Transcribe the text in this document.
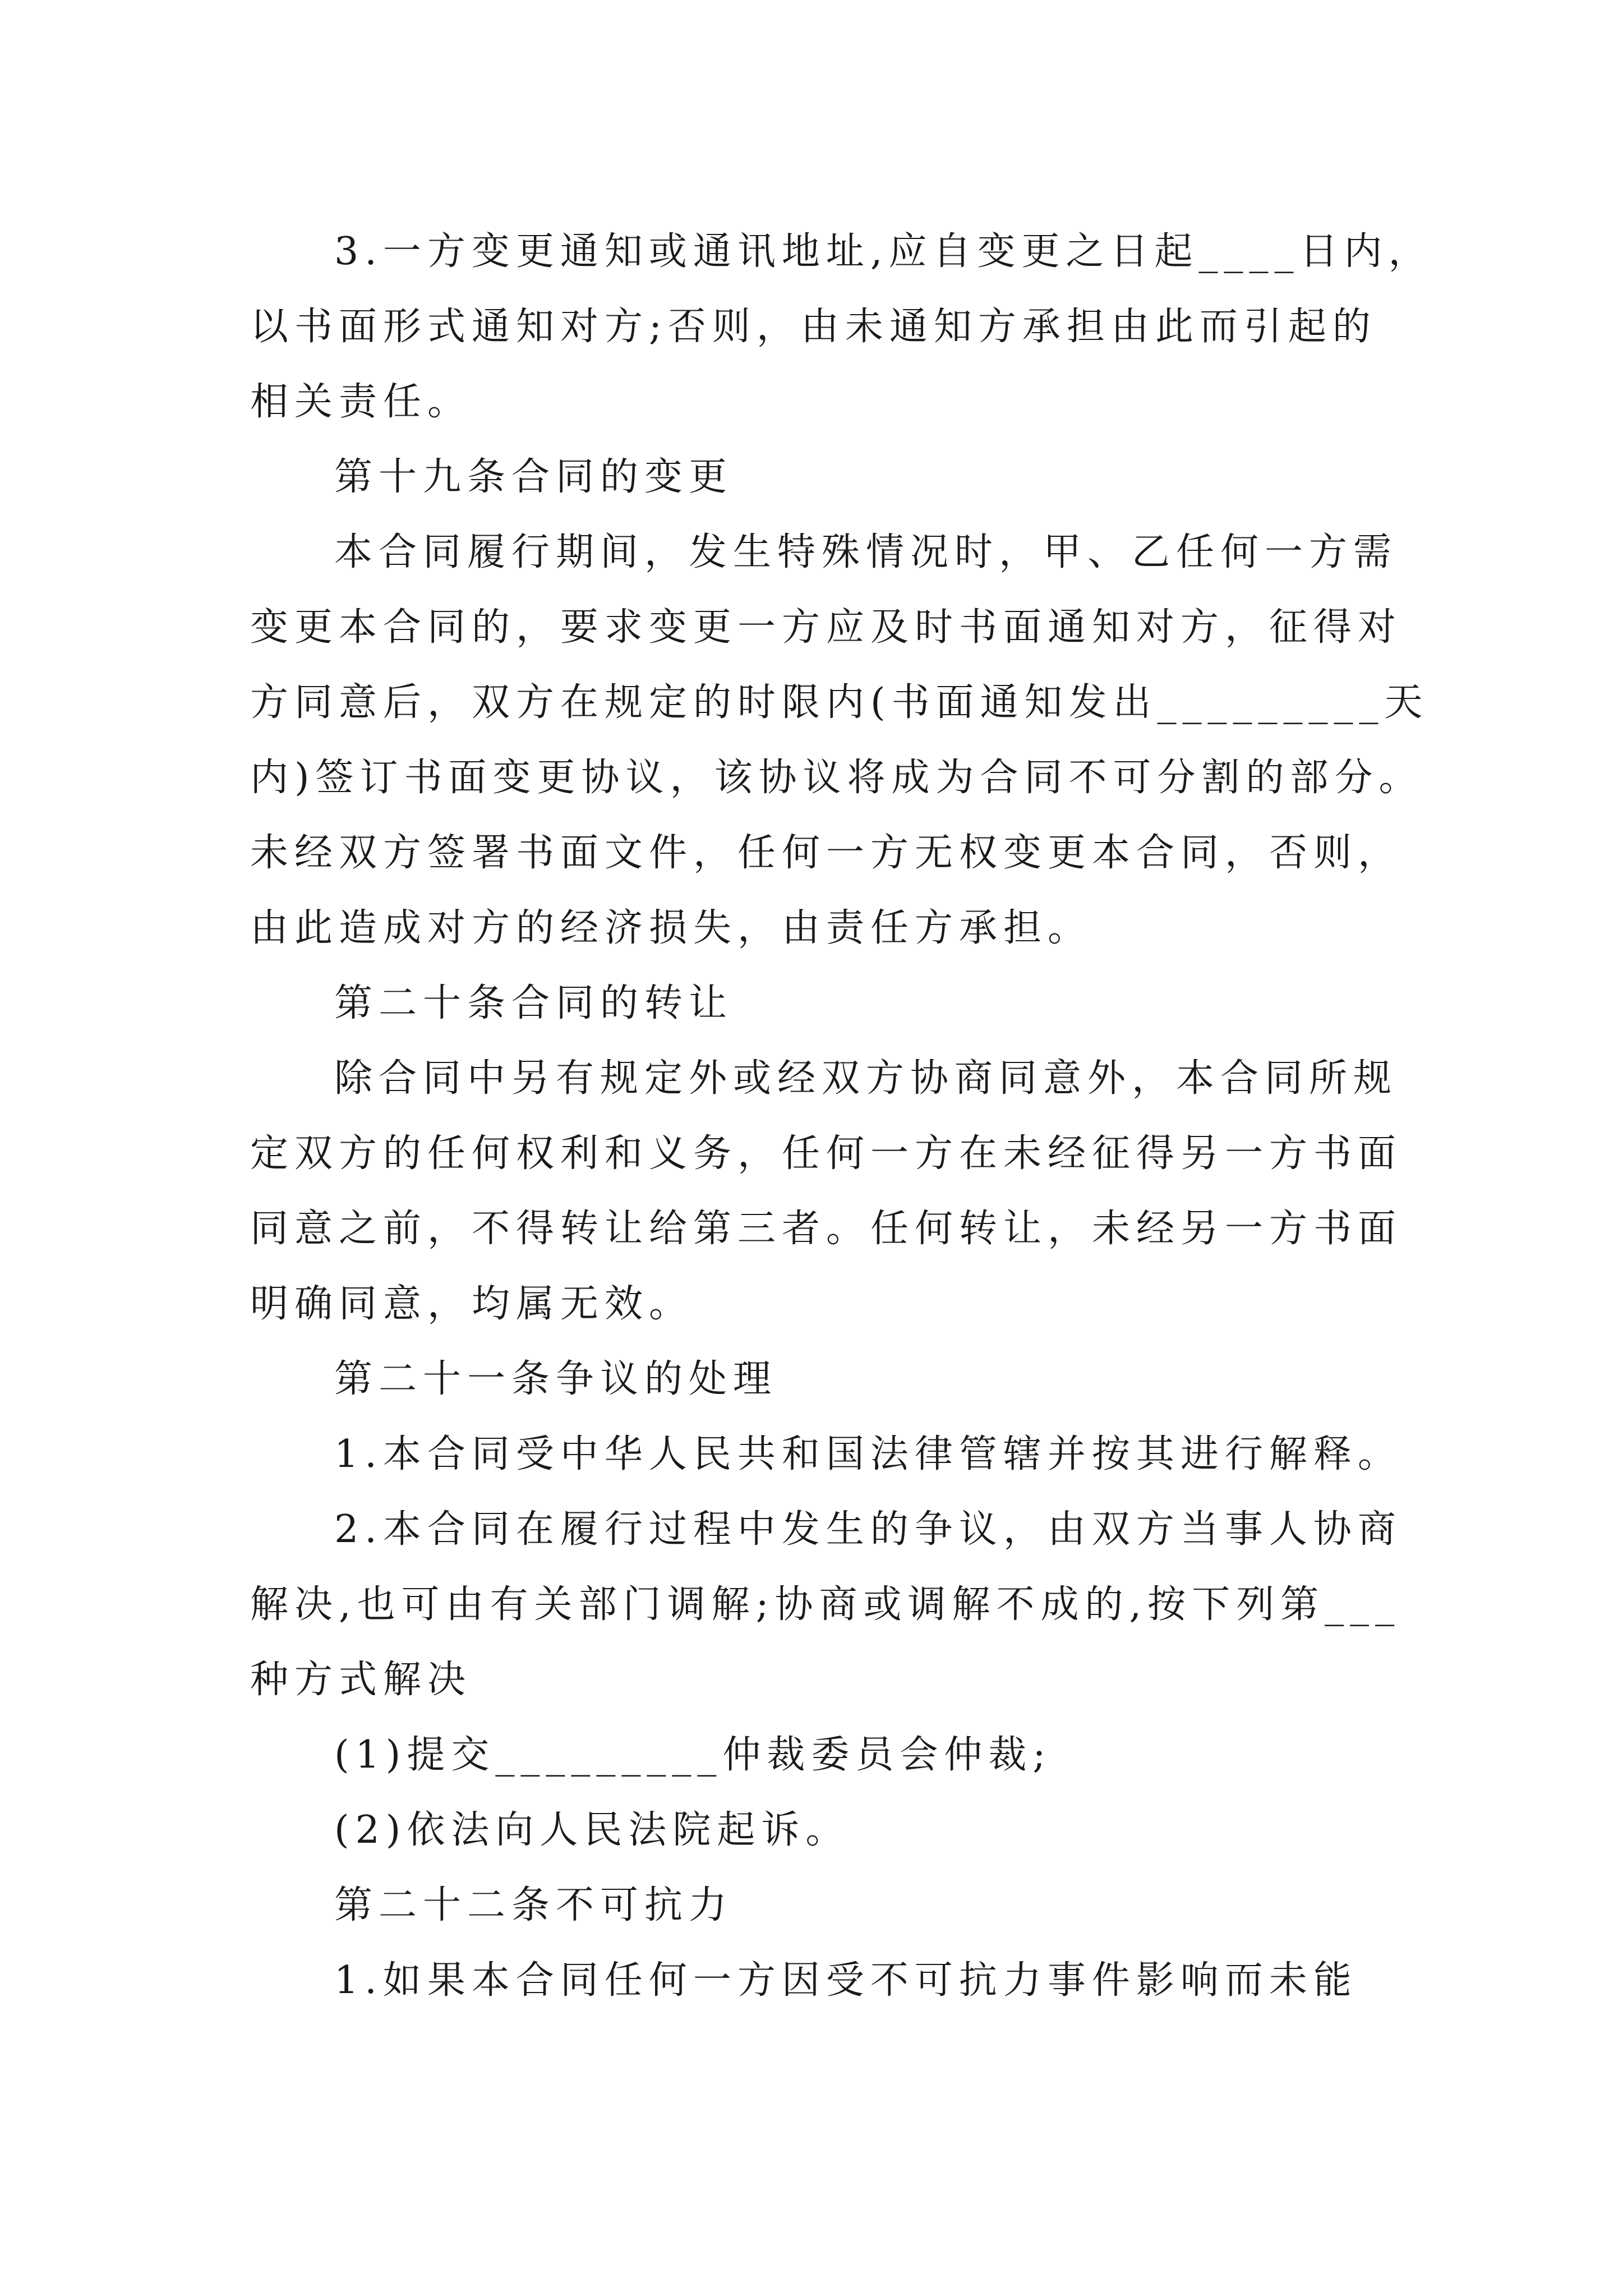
3.一方变更通知或通讯地址,应自变更之日起____日内，
以书面形式通知对方;否则，由未通知方承担由此而引起的
相关责任。
第十九条合同的变更
本合同履行期间，发生特殊情况时，甲、乙任何一方需
变更本合同的，要求变更一方应及时书面通知对方，征得对
方同意后，双方在规定的时限内(书面通知发出_________天
内)签订书面变更协议，该协议将成为合同不可分割的部分。
未经双方签署书面文件，任何一方无权变更本合同，否则，
由此造成对方的经济损失，由责任方承担。
第二十条合同的转让
除合同中另有规定外或经双方协商同意外，本合同所规
定双方的任何权利和义务，任何一方在未经征得另一方书面
同意之前，不得转让给第三者。任何转让，未经另一方书面
明确同意，均属无效。
第二十一条争议的处理
1.本合同受中华人民共和国法律管辖并按其进行解释。
2.本合同在履行过程中发生的争议，由双方当事人协商
解决,也可由有关部门调解;协商或调解不成的,按下列第___
种方式解决
(1)提交_________仲裁委员会仲裁;
(2)依法向人民法院起诉。
第二十二条不可抗力
1.如果本合同任何一方因受不可抗力事件影响而未能
